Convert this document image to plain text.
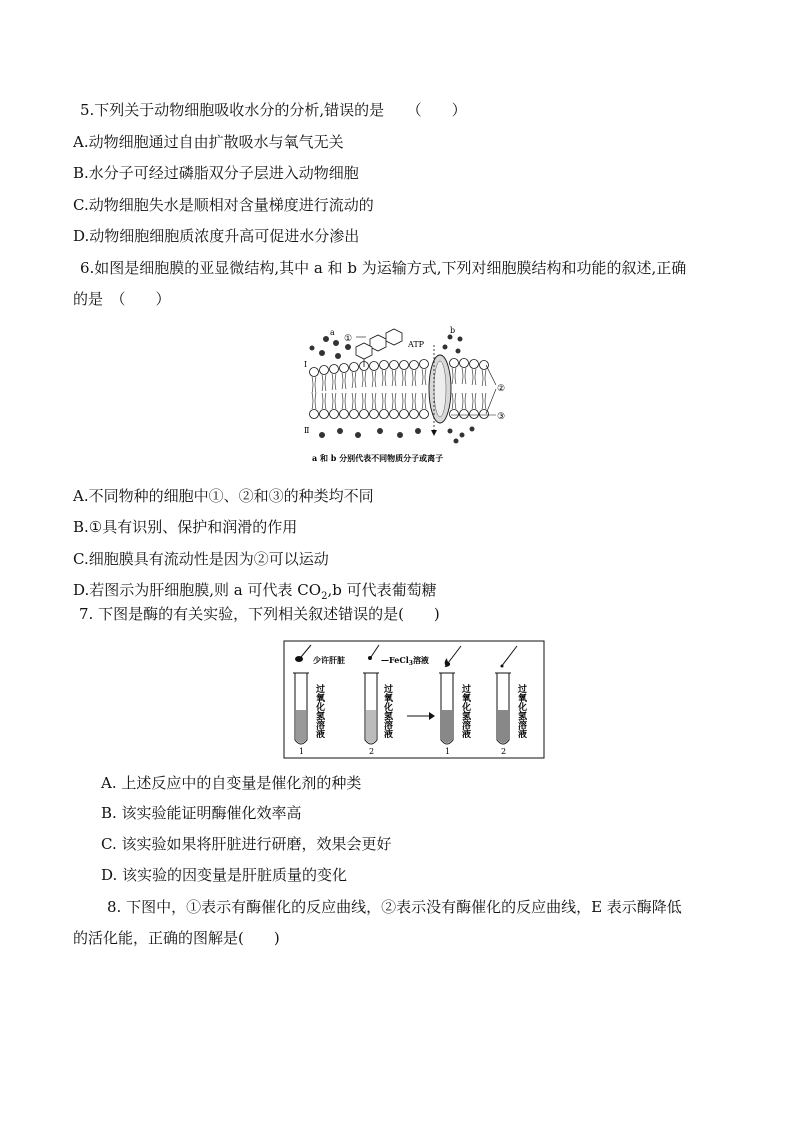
5.下列关于动物细胞吸收水分的分析,错误的是　　（　　）
A.动物细胞通过自由扩散吸水与氧气无关
B.水分子可经过磷脂双分子层进入动物细胞
C.动物细胞失水是顺相对含量梯度进行流动的
D.动物细胞细胞质浓度升高可促进水分渗出
6.如图是细胞膜的亚显微结构,其中 a 和 b 为运输方式,下列对细胞膜结构和功能的叙述,正确
的是　（　　）
a	b
ATP
①
②
③
Ⅰ
Ⅱ
a 和 b 分别代表不同物质分子或离子
A.不同物种的细胞中①、②和③的种类均不同
B.①具有识别、保护和润滑的作用
C.细胞膜具有流动性是因为②可以运动
D.若图示为肝细胞膜,则 a 可代表 $CO_2,b$ 可代表葡萄糖
7. 下图是酶的有关实验，下列相关叙述错误的是(　　)
少许肝脏
过氧化氢溶液
1
—FeCl$_3$溶液
过氧化氢溶液
2
过氧化氢溶液
1
过氧化氢溶液
2
A. 上述反应中的自变量是催化剂的种类
B. 该实验能证明酶催化效率高
C. 该实验如果将肝脏进行研磨，效果会更好
D. 该实验的因变量是肝脏质量的变化
8. 下图中，①表示有酶催化的反应曲线，②表示没有酶催化的反应曲线，E 表示酶降低
的活化能，正确的图解是(　　)
